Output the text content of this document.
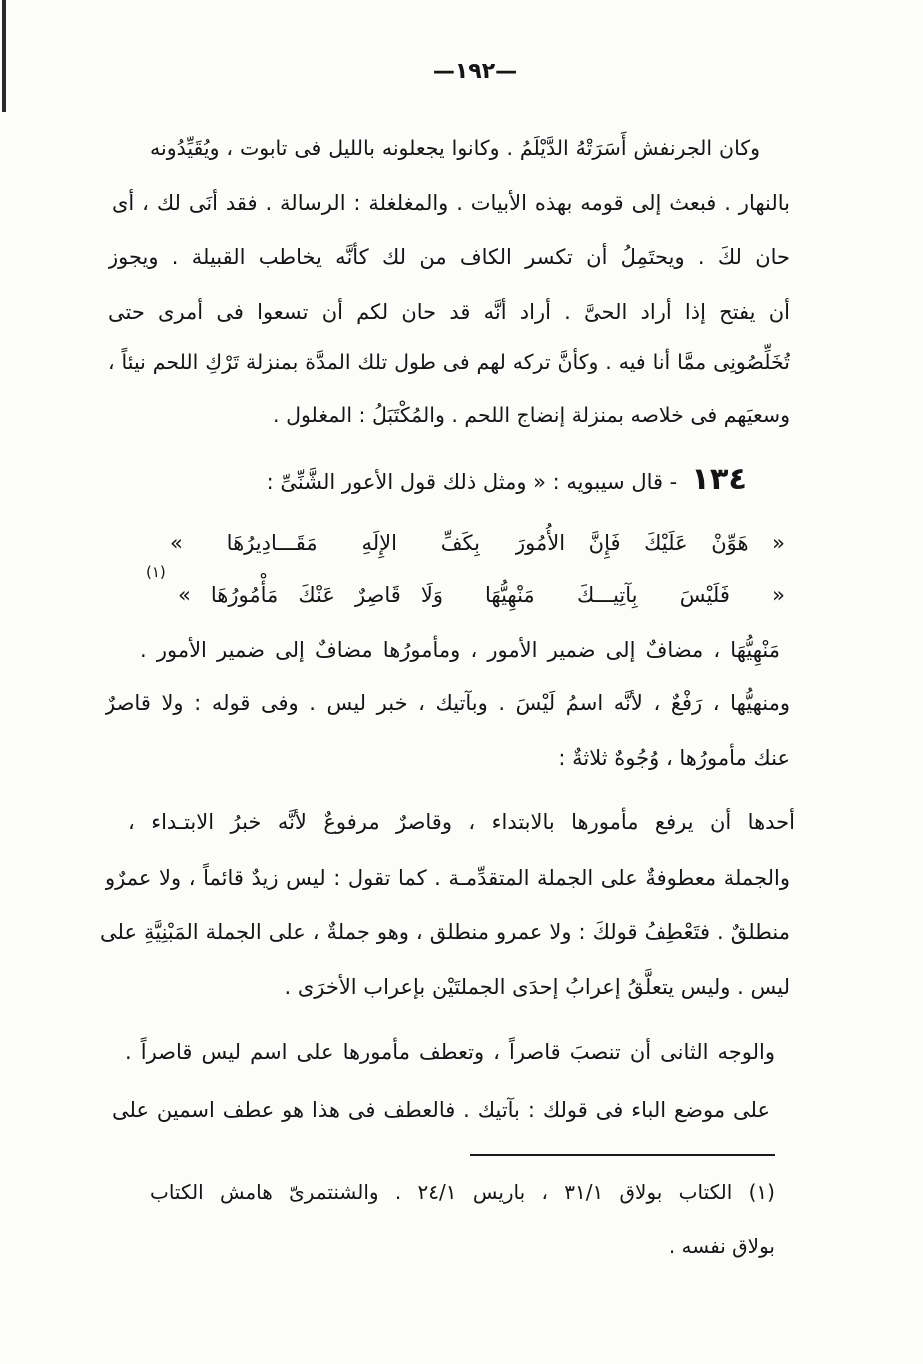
—١٩٢—
وكان الجرنفش أَسَرَتْهُ الدَّيْلَمُ . وكانوا يجعلونه بالليل فى تابوت ، ويُقَيِّدُونه
بالنهار . فبعث إلى قومه بهذه الأبيات . والمغلغلة : الرسالة . فقد أنَى لك ، أى
حان لكَ . ويحتَمِلُ أن تكسر الكاف من لك كأنَّه يخاطب القبيلة . ويجوز
أن يفتح إذا أراد الحىَّ . أراد أنَّه قد حان لكم أن تسعوا فى أمرى حتى
تُخَلِّصُونِى ممَّا أنا فيه . وكأنَّ تركه لهم فى طول تلك المدَّة بمنزلة تَرْكِ اللحم نيئاً ،
وسعيَهم فى خلاصه بمنزلة إنضاج اللحم . والمُكْتَبَلُ : المغلول .
١٣٤- قال سيبويه : « ومثل ذلك قول الأعور الشَّنِّىِّ :
« هَوِّنْ عَلَيْكَ فَإِنَّ الأُمُورَ
بِكَفِّ الإِلَهِ مَقَـــادِيرُهَا »
« فَلَيْسَ بِآتِيـــكَ مَنْهِيُّهَا
وَلَا قَاصِرٌ عَنْكَ مَأْمُورُهَا »
(١)
مَنْهِيُّهَا ، مضافٌ إلى ضمير الأمور ، ومأمورُها مضافٌ إلى ضمير الأمور .
ومنهيُّها ، رَفْعٌ ، لأنَّه اسمُ لَيْسَ . وبآتيك ، خبر ليس . وفى قوله : ولا قاصرٌ
عنك مأمورُها ، وُجُوهٌ ثلاثةٌ :
أحدها أن يرفع مأمورها بالابتداء ، وقاصرٌ مرفوعٌ لأنَّه خبرُ الابتـداء ،
والجملة معطوفةٌ على الجملة المتقدِّمـة . كما تقول : ليس زيدٌ قائماً ، ولا عمرٌو
منطلقٌ . فتَعْطِفُ قولكَ : ولا عمرو منطلق ، وهو جملةٌ ، على الجملة المَبْنِيَّةِ على
ليس . وليس يتعلَّقُ إعرابُ إحدَى الجملتَيْن بإعراب الأخرَى .
والوجه الثانى أن تنصبَ قاصراً ، وتعطف مأمورها على اسم ليس قاصراً .
على موضع الباء فى قولك : بآتيك . فالعطف فى هذا هو عطف اسمين على
(١) الكتاب بولاق ٣١/١ ، باريس ٢٤/١ . والشنتمرىّ هامش الكتاب
بولاق نفسه .
